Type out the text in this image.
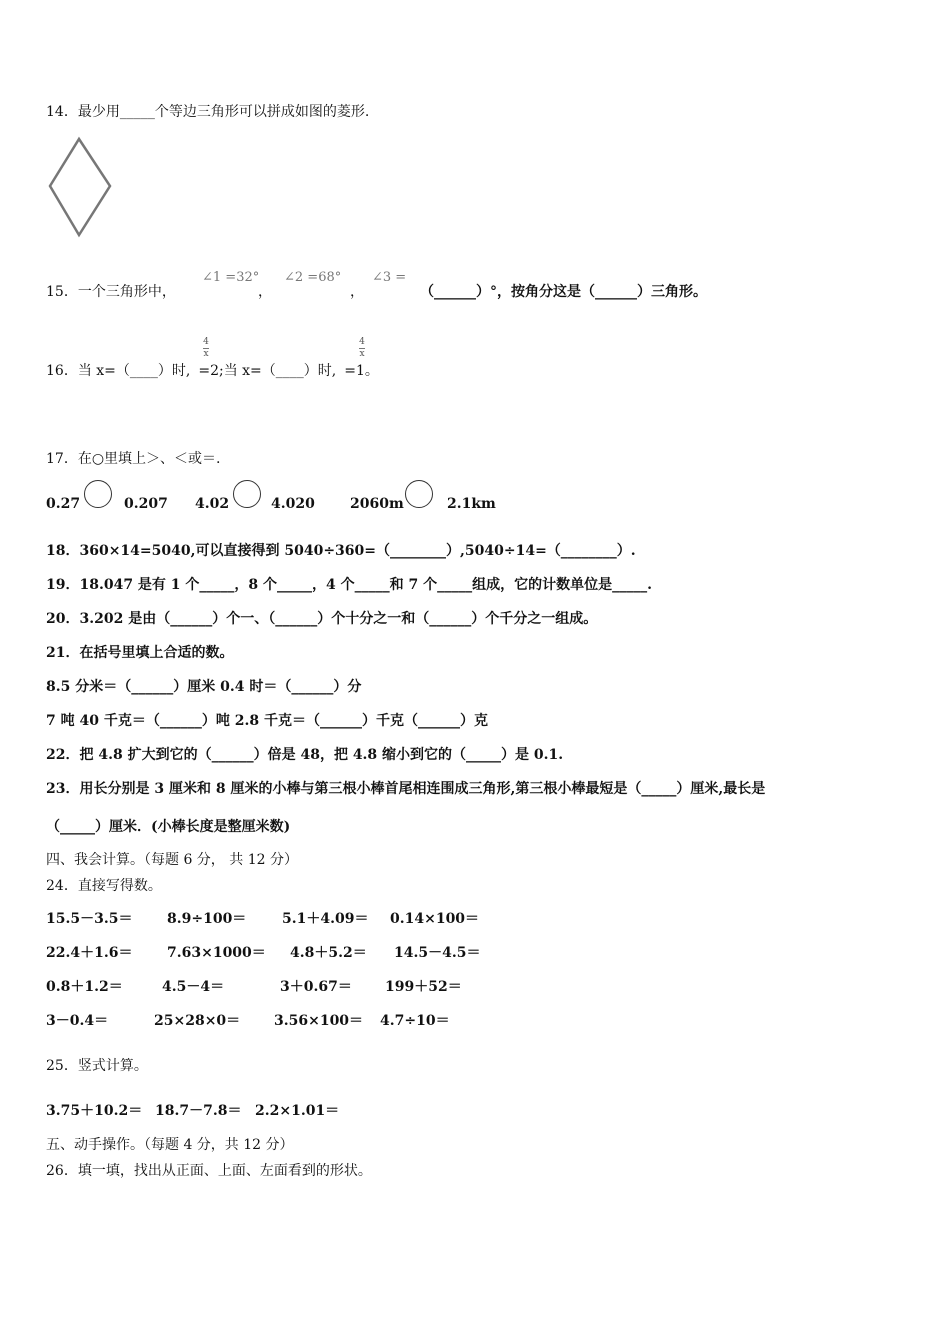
14．最少用_____个等边三角形可以拼成如图的菱形.
15．一个三角形中，
∠1 =32°
，
∠2 =68°
，
∠3 =
（______）°，按角分这是（______）三角形。
16．当 x=（____）时, =2;当 x=（____）时, =1。
4
x
4
x
17．在○里填上＞、＜或＝.
0.27	0.207 4.02	4.020	2060m	2.1km
18．360×14=5040,可以直接得到 5040÷360=（________）,5040÷14=（________）.
19．18.047 是有 1 个_____，8 个_____，4 个_____和 7 个_____组成，它的计数单位是_____.
20．3.202 是由（______）个一、（______）个十分之一和（______）个千分之一组成。
21．在括号里填上合适的数。
8.5 分米＝（______）厘米 0.4 时＝（______）分
7 吨 40 千克＝（______）吨 2.8 千克＝（______）千克（______）克
22．把 4.8 扩大到它的（______）倍是 48，把 4.8 缩小到它的（_____）是 0.1.
23．用长分别是 3 厘米和 8 厘米的小棒与第三根小棒首尾相连围成三角形,第三根小棒最短是（_____）厘米,最长是
（_____）厘米．(小棒长度是整厘米数)
四、我会计算。（每题 6 分， 共 12 分）
24．直接写得数。
15.5－3.5＝ 8.9÷100＝	5.1＋4.09＝ 0.14×100＝
22.4＋1.6＝ 7.63×1000＝ 4.8＋5.2＝ 14.5－4.5＝
0.8＋1.2＝	4.5－4＝	3＋0.67＝ 199＋52＝
3－0.4＝	25×28×0＝ 3.56×100＝ 4.7÷10＝
25．竖式计算。
3.75＋10.2＝ 18.7－7.8＝ 2.2×1.01＝
五、动手操作。（每题 4 分，共 12 分）
26．填一填，找出从正面、上面、左面看到的形状。
